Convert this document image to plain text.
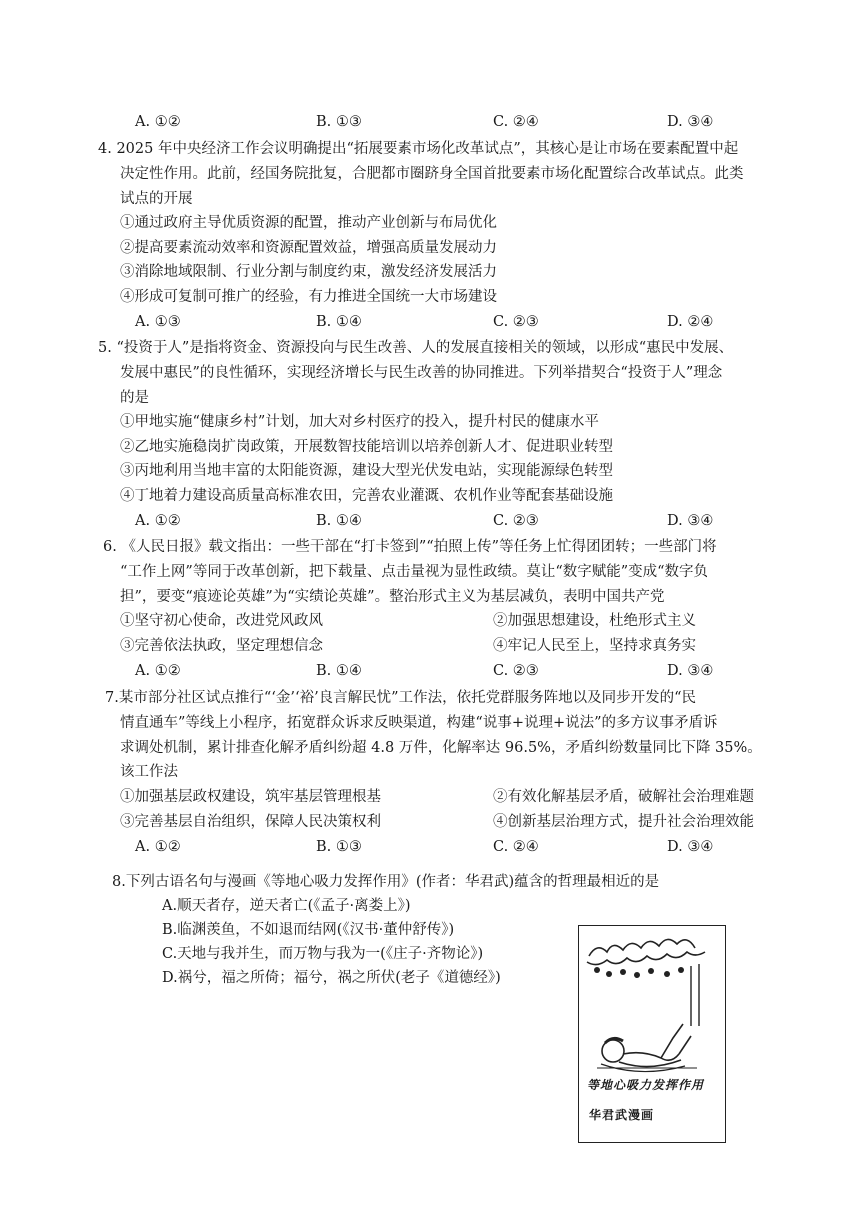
A. ①②	B. ①③	C. ②④	D. ③④
4. 2025 年中央经济工作会议明确提出“拓展要素市场化改革试点”，其核心是让市场在要素配置中起
决定性作用。此前，经国务院批复，合肥都市圈跻身全国首批要素市场化配置综合改革试点。此类
试点的开展
①通过政府主导优质资源的配置，推动产业创新与布局优化
②提高要素流动效率和资源配置效益，增强高质量发展动力
③消除地域限制、行业分割与制度约束，激发经济发展活力
④形成可复制可推广的经验，有力推进全国统一大市场建设
A. ①③	B. ①④	C. ②③	D. ②④
5. “投资于人”是指将资金、资源投向与民生改善、人的发展直接相关的领域，以形成“惠民中发展、
发展中惠民”的良性循环，实现经济增长与民生改善的协同推进。下列举措契合“投资于人”理念
的是
①甲地实施“健康乡村”计划，加大对乡村医疗的投入，提升村民的健康水平
②乙地实施稳岗扩岗政策，开展数智技能培训以培养创新人才、促进职业转型
③丙地利用当地丰富的太阳能资源，建设大型光伏发电站，实现能源绿色转型
④丁地着力建设高质量高标准农田，完善农业灌溉、农机作业等配套基础设施
A. ①②	B. ①④	C. ②③	D. ③④
6. 《人民日报》载文指出：一些干部在“打卡签到”“拍照上传”等任务上忙得团团转；一些部门将
“工作上网”等同于改革创新，把下载量、点击量视为显性政绩。莫让“数字赋能”变成“数字负
担”，要变“痕迹论英雄”为“实绩论英雄”。整治形式主义为基层减负，表明中国共产党
①坚守初心使命，改进党风政风	②加强思想建设，杜绝形式主义
③完善依法执政，坚定理想信念	④牢记人民至上，坚持求真务实
A. ①②	B. ①④	C. ②③	D. ③④
7.某市部分社区试点推行“‘金’‘裕’良言解民忧”工作法，依托党群服务阵地以及同步开发的“民
情直通车”等线上小程序，拓宽群众诉求反映渠道，构建“说事+说理+说法”的多方议事矛盾诉
求调处机制，累计排查化解矛盾纠纷超 4.8 万件，化解率达 96.5%，矛盾纠纷数量同比下降 35%。
该工作法
①加强基层政权建设，筑牢基层管理根基	②有效化解基层矛盾，破解社会治理难题
③完善基层自治组织，保障人民决策权利	④创新基层治理方式，提升社会治理效能
A. ①②	B. ①③	C. ②④	D. ③④
8.下列古语名句与漫画《等地心吸力发挥作用》(作者：华君武)蕴含的哲理最相近的是
A.顺天者存，逆天者亡(《孟子·离娄上》)
B.临渊羡鱼，不如退而结网(《汉书·董仲舒传》)
C.天地与我并生，而万物与我为一(《庄子·齐物论》)
D.祸兮，福之所倚；福兮，祸之所伏(老子《道德经》)
等地心吸力发挥作用
华君武漫画
